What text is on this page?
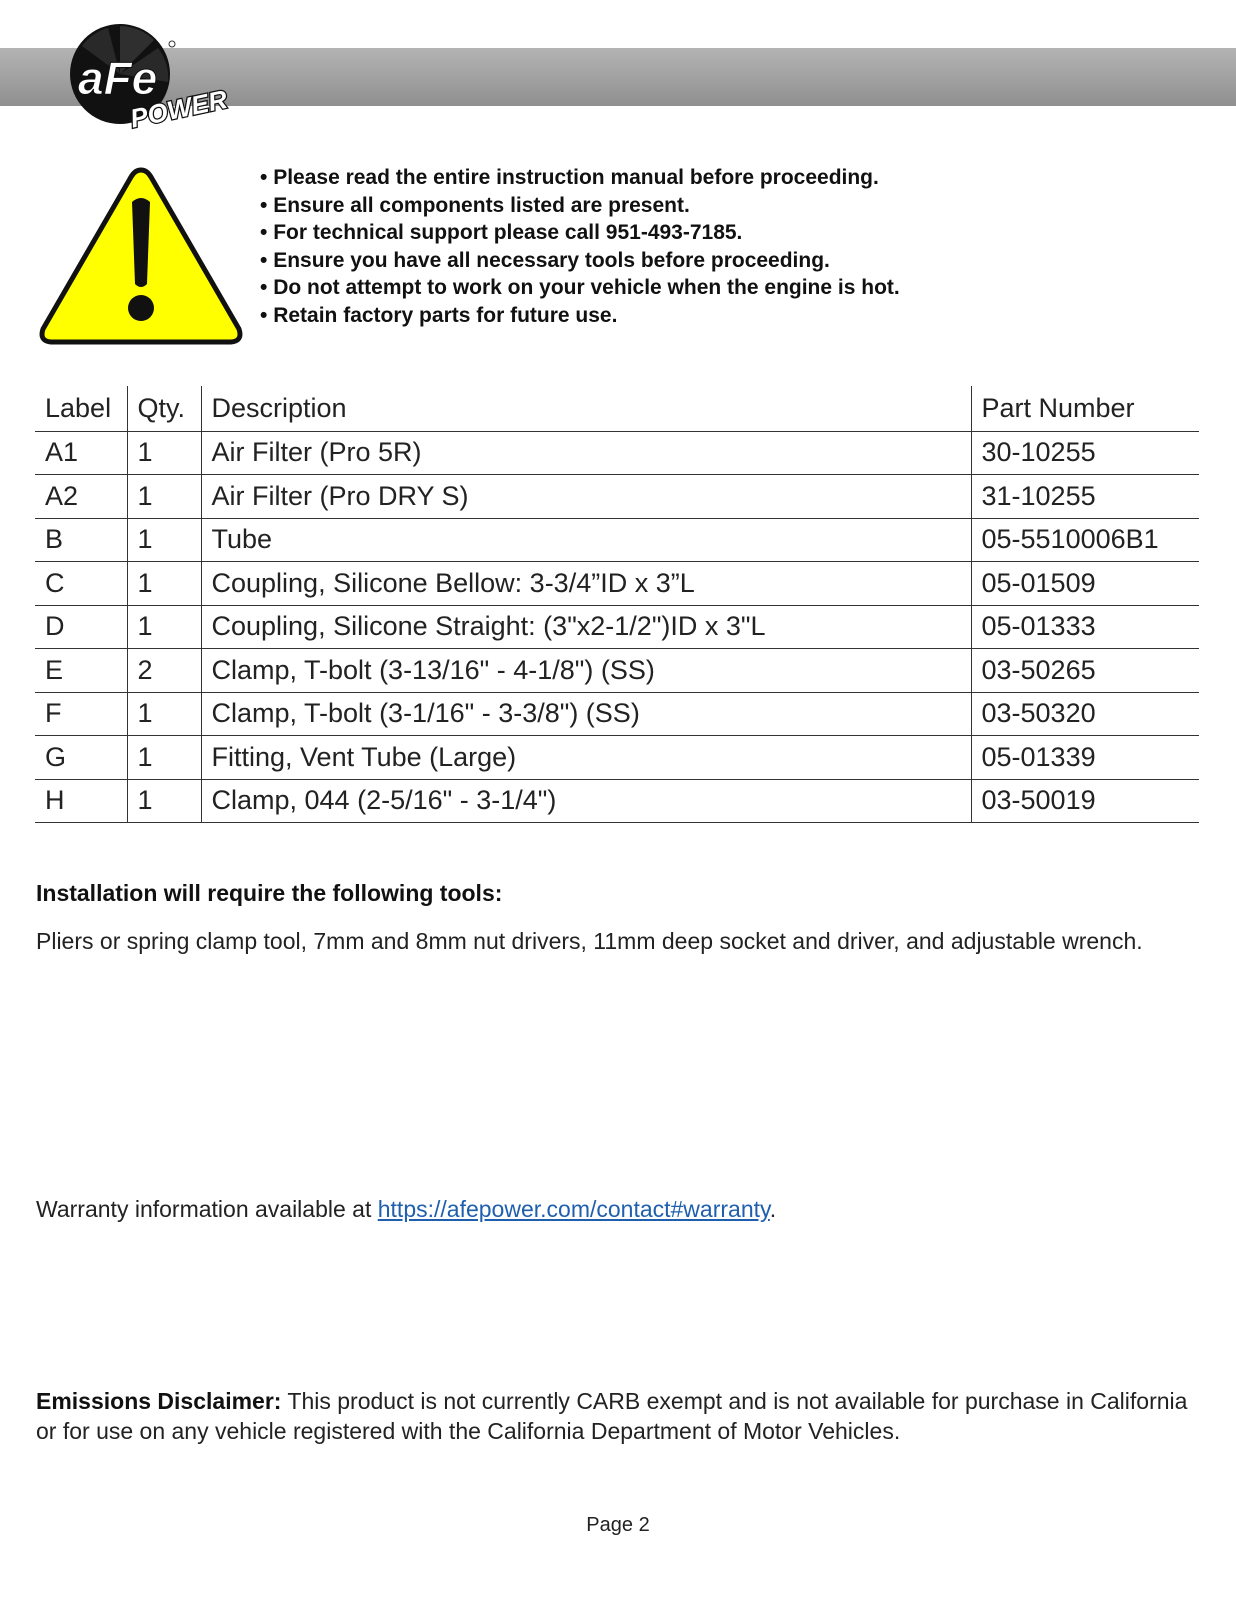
aFe
POWER
• Please read the entire instruction manual before proceeding.
• Ensure all components listed are present.
• For technical support please call 951-493-7185.
• Ensure you have all necessary tools before proceeding.
• Do not attempt to work on your vehicle when the engine is hot.
• Retain factory parts for future use.
Label	Qty.	Description	Part Number
A1	1	Air Filter (Pro 5R)	30-10255
A2	1	Air Filter (Pro DRY S)	31-10255
B	1	Tube	05-5510006B1
C	1	Coupling, Silicone Bellow: 3-3/4”ID x 3”L	05-01509
D	1	Coupling, Silicone Straight: (3"x2-1/2")ID x 3"L	05-01333
E	2	Clamp, T-bolt (3-13/16" - 4-1/8") (SS)	03-50265
F	1	Clamp, T-bolt (3-1/16" - 3-3/8") (SS)	03-50320
G	1	Fitting, Vent Tube (Large)	05-01339
H	1	Clamp, 044 (2-5/16" - 3-1/4")	03-50019
Installation will require the following tools:
Pliers or spring clamp tool, 7mm and 8mm nut drivers, 11mm deep socket and driver, and adjustable wrench.
Warranty information available at https://afepower.com/contact#warranty.
Emissions Disclaimer: This product is not currently CARB exempt and is not available for purchase in California or for use on any vehicle registered with the California Department of Motor Vehicles.
Page 2
